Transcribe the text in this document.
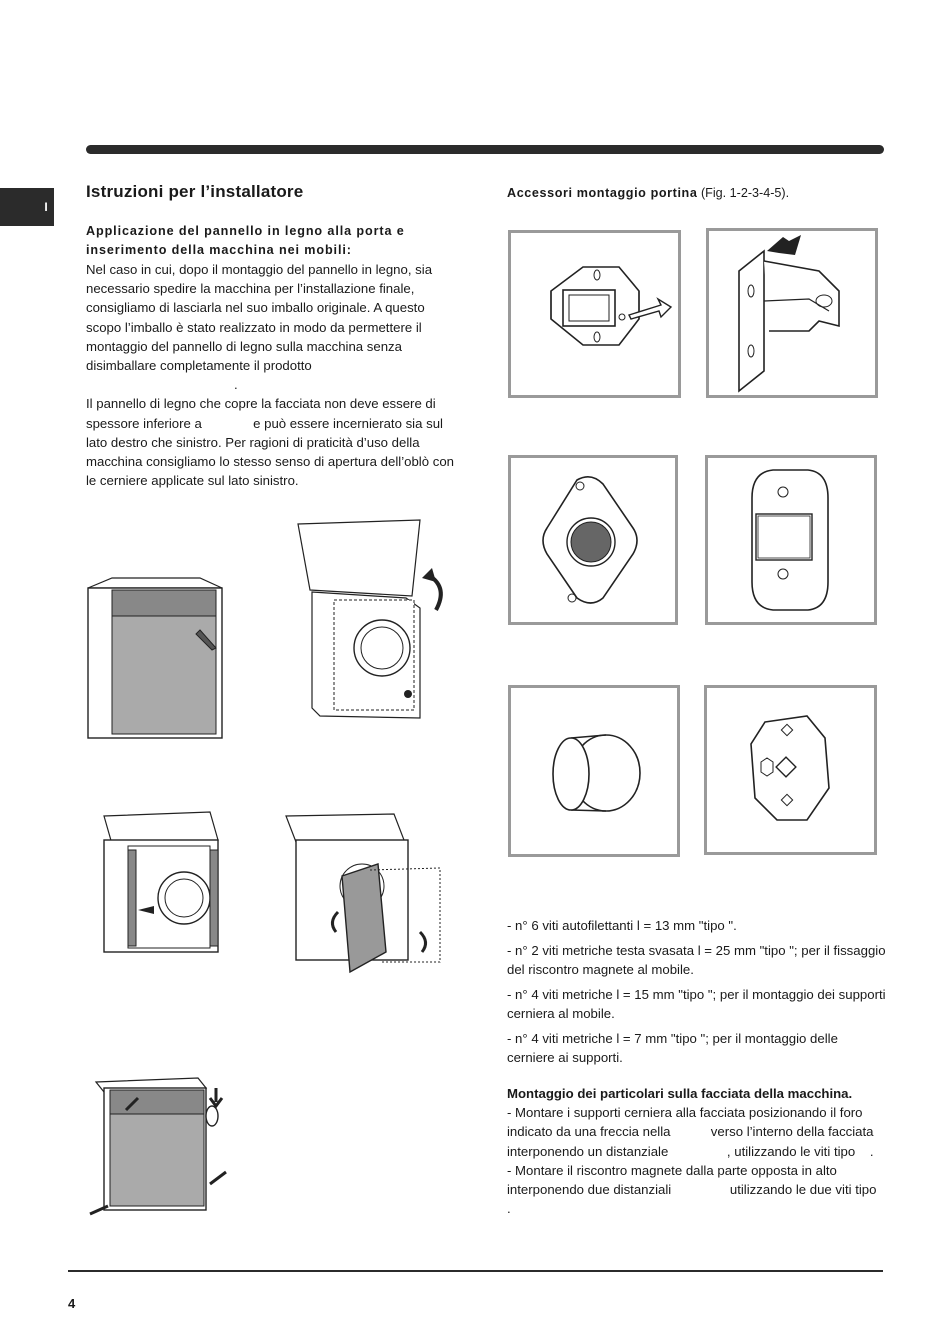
I
Istruzioni per l’installatore

Applicazione del pannello in legno alla porta e inserimento della macchina nei mobili:

Nel caso in cui, dopo il montaggio del pannello in legno, sia necessario spedire la macchina per l’installazione finale, consigliamo di lasciarla nel suo imballo originale. A questo scopo l’imballo è stato realizzato in modo da permettere il montaggio del pannello di legno sulla macchina senza disimballare completamente il prodotto

.

Il pannello di legno che copre la facciata non deve essere di spessore inferiore a              e può essere incernierato sia sul lato destro che sinistro. Per ragioni di praticità d’uso della macchina consigliamo lo stesso senso di apertura dell’oblò con le cerniere applicate sul lato sinistro.

Accessori montaggio portina (Fig. 1-2-3-4-5).

- n° 6 viti autofilettanti l = 13 mm "tipo ".

- n° 2 viti metriche testa svasata l = 25 mm "tipo "; per il fissaggio del riscontro magnete al mobile.

- n° 4 viti metriche l = 15 mm "tipo "; per il montaggio dei supporti cerniera al mobile.

- n° 4 viti metriche l = 7 mm "tipo "; per il montaggio delle cerniere ai supporti.

Montaggio dei particolari sulla facciata della macchina.

- Montare i supporti cerniera alla facciata posizionando il foro indicato da una freccia nella           verso l’interno della facciata interponendo un distanziale                , utilizzando le viti tipo    .

- Montare il riscontro magnete dalla parte opposta in alto interponendo due distanziali                utilizzando le due viti tipo    .

4
